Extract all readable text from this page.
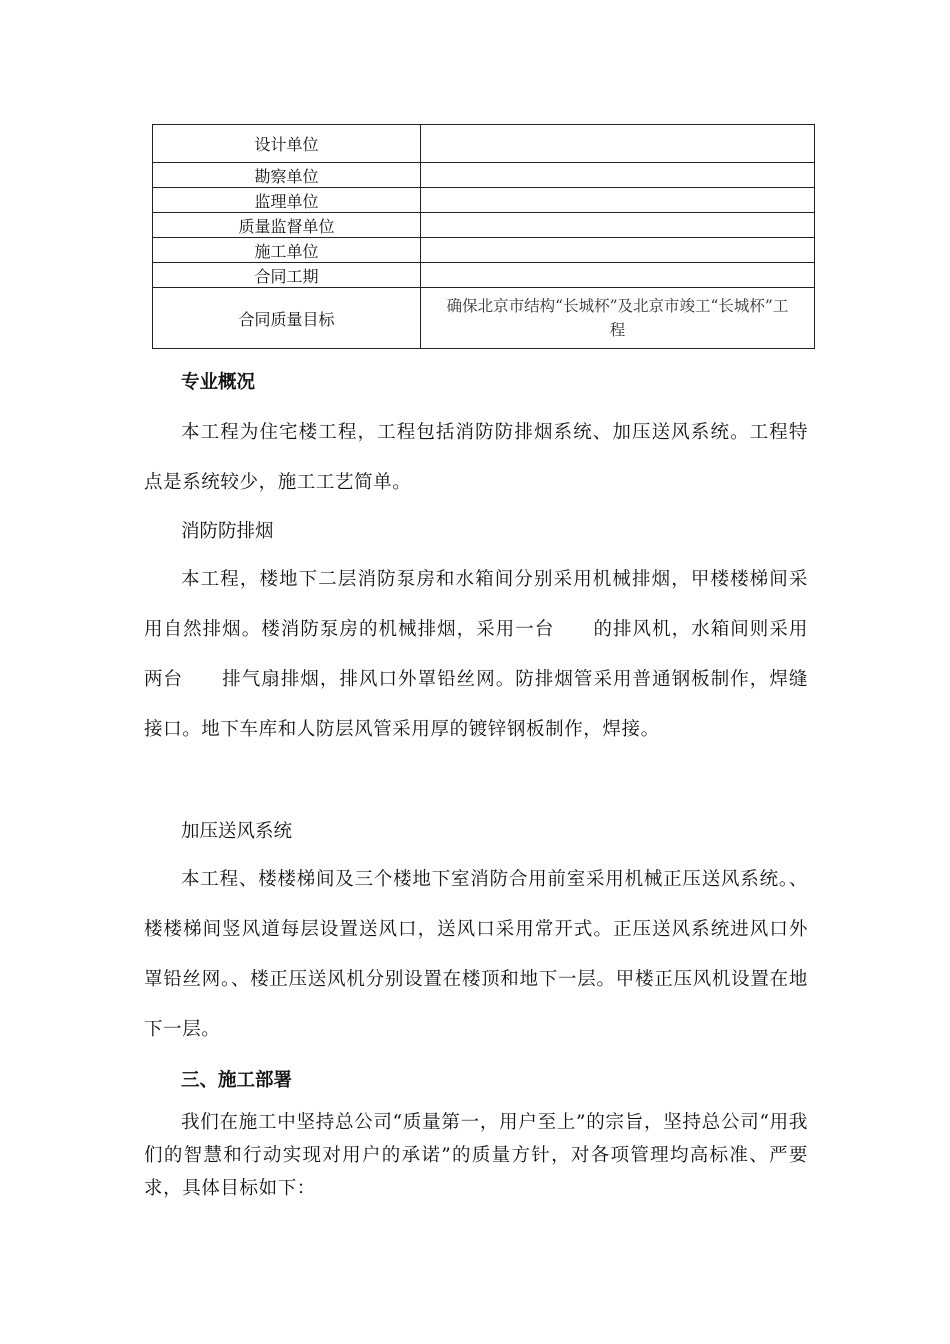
设计单位	
勘察单位	
监理单位	
质量监督单位	
施工单位	
合同工期	
合同质量目标	确保北京市结构“长城杯”及北京市竣工“长城杯”工程
专业概况
本工程为住宅楼工程，工程包括消防防排烟系统、加压送风系统。工程特点是系统较少，施工工艺简单。
消防防排烟
本工程，楼地下二层消防泵房和水箱间分别采用机械排烟，甲楼楼梯间采用自然排烟。楼消防泵房的机械排烟，采用一台　　的排风机，水箱间则采用两台　　排气扇排烟，排风口外罩铅丝网。防排烟管采用普通钢板制作，焊缝接口。地下车库和人防层风管采用厚的镀锌钢板制作，焊接。
加压送风系统
本工程、楼楼梯间及三个楼地下室消防合用前室采用机械正压送风系统。、楼楼梯间竖风道每层设置送风口，送风口采用常开式。正压送风系统进风口外罩铅丝网。、楼正压送风机分别设置在楼顶和地下一层。甲楼正压风机设置在地下一层。
三、施工部署
我们在施工中坚持总公司“质量第一，用户至上”的宗旨，坚持总公司“用我们的智慧和行动实现对用户的承诺”的质量方针，对各项管理均高标准、严要求，具体目标如下：
